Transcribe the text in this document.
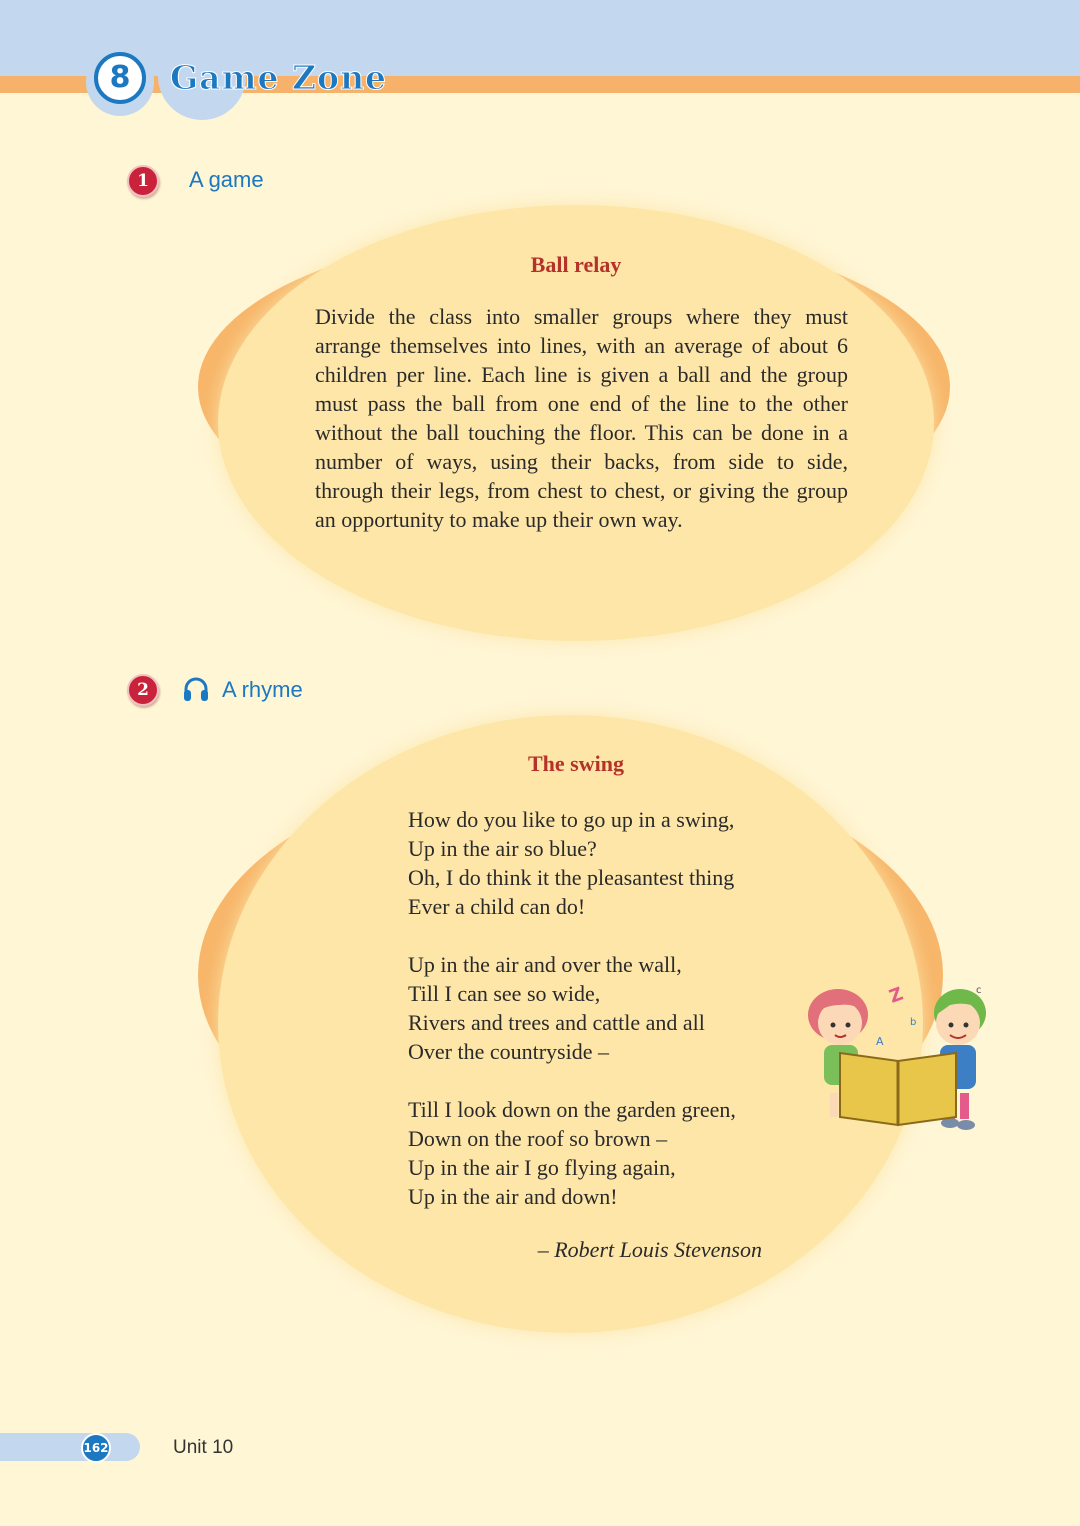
8	Game Zone
1	A game
Ball relay

Divide the class into smaller groups where they must arrange themselves into lines, with an average of about 6 children per line. Each line is given a ball and the group must pass the ball from one end of the line to the other without the ball touching the floor. This can be done in a number of ways, using their backs, from side to side, through their legs, from chest to chest, or giving the group an opportunity to make up their own way.

2	A rhyme
The swing
How do you like to go up in a swing,
Up in the air so blue?
Oh, I do think it the pleasantest thing
Ever a child can do!
Up in the air and over the wall,
Till I can see so wide,
Rivers and trees and cattle and all
Over the countryside –
Till I look down on the garden green,
Down on the roof so brown –
Up in the air I go flying again,
Up in the air and down!
– Robert Louis Stevenson
Z
b
A
c
162	Unit 10
